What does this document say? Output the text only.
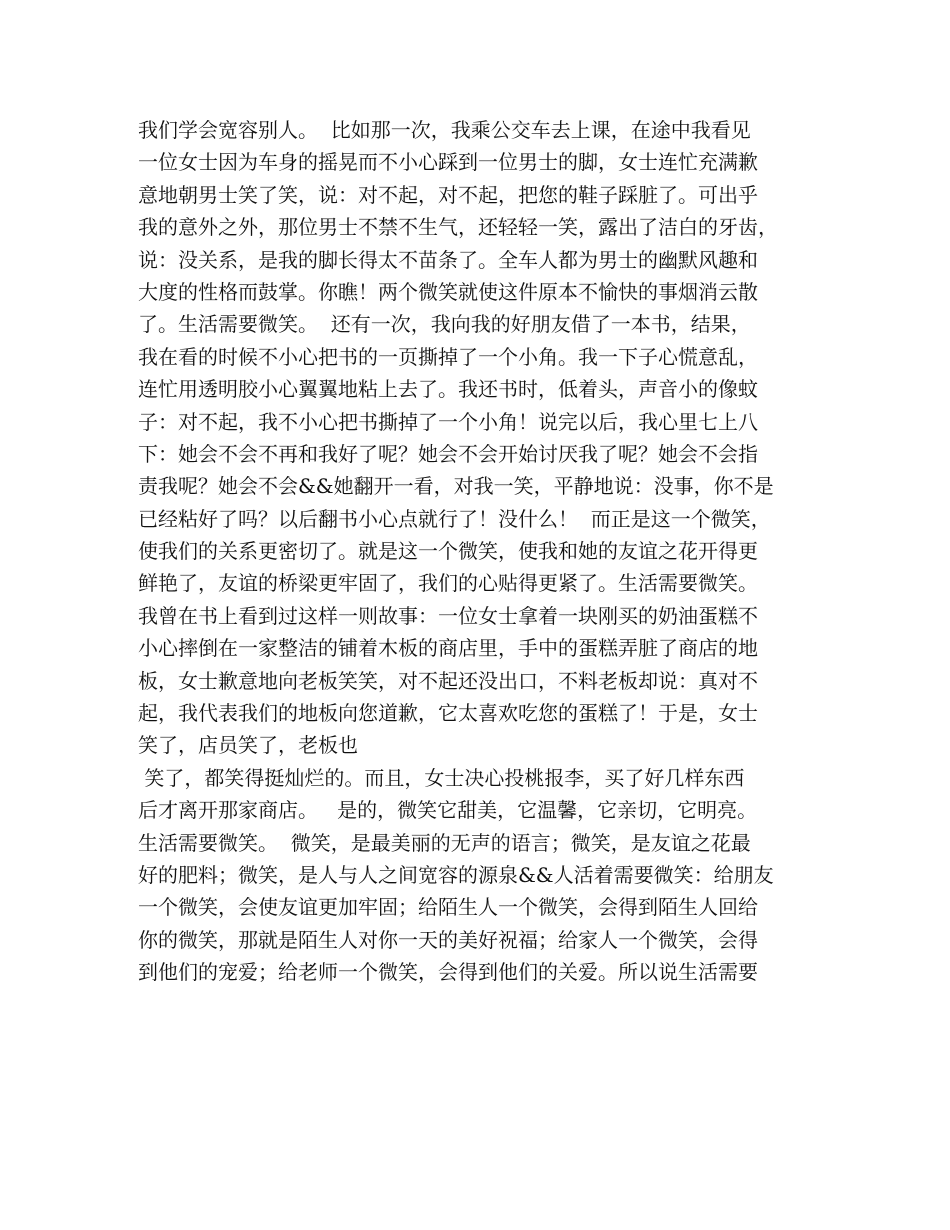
我们学会宽容别人。  比如那一次，我乘公交车去上课，在途中我看见
一位女士因为车身的摇晃而不小心踩到一位男士的脚，女士连忙充满歉
意地朝男士笑了笑，说：对不起，对不起，把您的鞋子踩脏了。可出乎
我的意外之外，那位男士不禁不生气，还轻轻一笑，露出了洁白的牙齿，
说：没关系，是我的脚长得太不苗条了。全车人都为男士的幽默风趣和
大度的性格而鼓掌。你瞧！两个微笑就使这件原本不愉快的事烟消云散
了。生活需要微笑。  还有一次，我向我的好朋友借了一本书，结果，
我在看的时候不小心把书的一页撕掉了一个小角。我一下子心慌意乱，
连忙用透明胶小心翼翼地粘上去了。我还书时，低着头，声音小的像蚊
子：对不起，我不小心把书撕掉了一个小角！说完以后，我心里七上八
下：她会不会不再和我好了呢？她会不会开始讨厌我了呢？她会不会指
责我呢？她会不会&&她翻开一看，对我一笑，平静地说：没事，你不是
已经粘好了吗？以后翻书小心点就行了！没什么！  而正是这一个微笑，
使我们的关系更密切了。就是这一个微笑，使我和她的友谊之花开得更
鲜艳了，友谊的桥梁更牢固了，我们的心贴得更紧了。生活需要微笑。
我曾在书上看到过这样一则故事：一位女士拿着一块刚买的奶油蛋糕不
小心摔倒在一家整洁的铺着木板的商店里，手中的蛋糕弄脏了商店的地
板，女士歉意地向老板笑笑，对不起还没出口，不料老板却说：真对不
起，我代表我们的地板向您道歉，它太喜欢吃您的蛋糕了！于是，女士
笑了，店员笑了，老板也
笑了，都笑得挺灿烂的。而且，女士决心投桃报李，买了好几样东西
后才离开那家商店。   是的，微笑它甜美，它温馨，它亲切，它明亮。
生活需要微笑。  微笑，是最美丽的无声的语言；微笑，是友谊之花最
好的肥料；微笑，是人与人之间宽容的源泉&&人活着需要微笑：给朋友
一个微笑，会使友谊更加牢固；给陌生人一个微笑，会得到陌生人回给
你的微笑，那就是陌生人对你一天的美好祝福；给家人一个微笑，会得
到他们的宠爱；给老师一个微笑，会得到他们的关爱。所以说生活需要
